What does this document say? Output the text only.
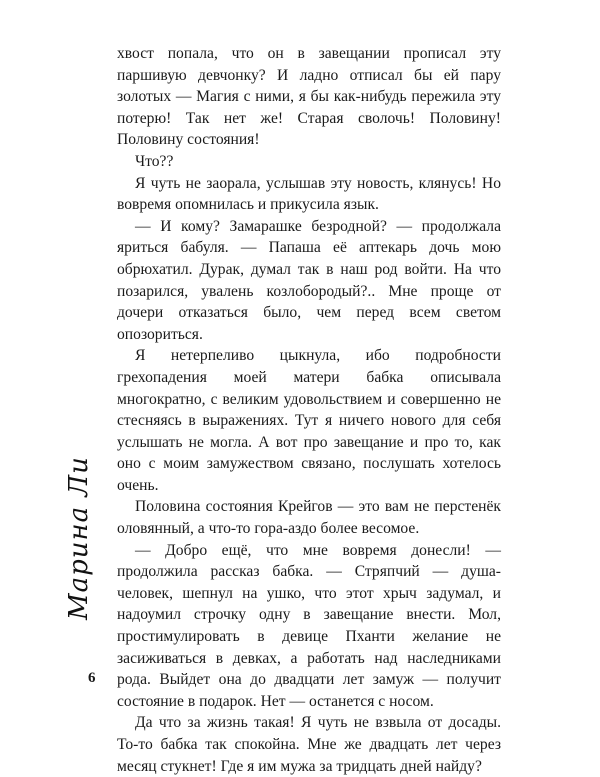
хвост попала, что он в завещании прописал эту паршивую девчонку? И ладно отписал бы ей пару золотых — Магия с ними, я бы как-нибудь пережила эту потерю! Так нет же! Старая сволочь! Половину! Половину состояния!

Что??

Я чуть не заорала, услышав эту новость, клянусь! Но вовремя опомнилась и прикусила язык.

— И кому? Замарашке безродной? — продолжала яриться бабуля. — Папаша её аптекарь дочь мою обрюхатил. Дурак, думал так в наш род войти. На что позарился, увалень козлобородый?.. Мне проще от дочери отказаться было, чем перед всем светом опозориться.

Я нетерпеливо цыкнула, ибо подробности грехопадения моей матери бабка описывала многократно, с великим удовольствием и совершенно не стесняясь в выражениях. Тут я ничего нового для себя услышать не могла. А вот про завещание и про то, как оно с моим замужеством связано, послушать хотелось очень.

Половина состояния Крейгов — это вам не перстенёк оловянный, а что-то гора-аздо более весомое.

— Добро ещё, что мне вовремя донесли! — продолжила рассказ бабка. — Стряпчий — душа-человек, шепнул на ушко, что этот хрыч задумал, и надоумил строчку одну в завещание внести. Мол, простимулировать в девице Пханти желание не засиживаться в девках, а работать над наследниками рода. Выйдет она до двадцати лет замуж — получит состояние в подарок. Нет — останется с носом.

Да что за жизнь такая! Я чуть не взвыла от досады. То-то бабка так спокойна. Мне же двадцать лет через месяц стукнет! Где я им мужа за тридцать дней найду?

Марина Ли
6
